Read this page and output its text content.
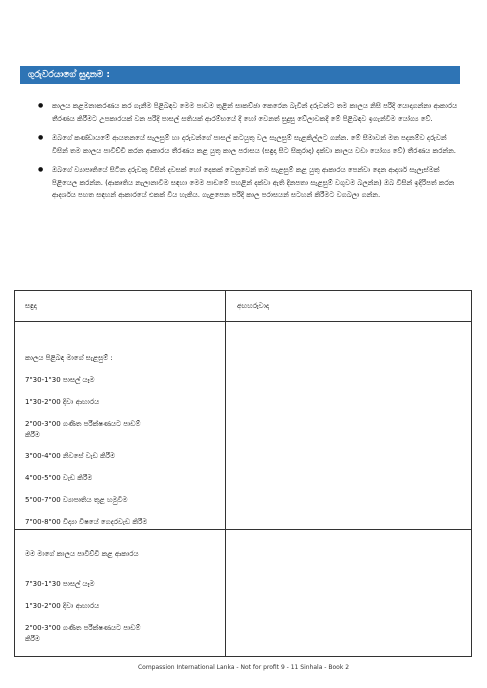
ගුරුවරයාගේ සුදානම :
● කාලය කළමනාකරණය කර ගැනීම පිළිබඳව මෙම පාඩම තුළින් සාකච්ඡා කෙරෙන බැවින් දරුවන්ට තම කාලය නිසි පරිදි යොදාගන්නා ආකාරය තීරණය කිරීමට උපකාරයක් වන පරිදි පාසල් සතියක් ආරම්භයේ දී හෝ වෙනත් සුදුසු වේලාවකදී මේ පිළිබඳව ඉගැන්වීම යෝග්‍ය වේ.
● ඔබගේ කණ්ඩායමේ ආයතනයේ සැලසුම් හා දරුවන්ගේ පාසල් කටයුතු වල සැලසුම් සැළකිල්ලට ගන්න. මේ සීමාවන් මත පදනම්ව දරුවන් විසින් තම කාලය පාවිච්චි කරන ආකාරය තීරණය කළ යුතු කාල පරාසය (සඳුදා සිට සිකුරාදා) දක්වා කාලය වඩා යෝග්‍ය වේ) තීරණය කරන්න.
● ඔබගේ ව්‍යාපෘතියේ සිටින දරුවකු විසින් දවසක් හෝ දෙකක් වෙනුවෙන් තම සැළසුම් කළ යුතු ආකාරය පෙන්වා දෙන ආදර්ශ සැලැස්මක් පිළියෙල කරන්න. (ආකෘතිය නැලානාවීම සඳහා මෙම පාඩමේ පහළින් දක්වා ඇති දිනපතා සැළසුම් වගුවම බලන්න) ඔබ විසින් ඉදිරිපත් කරන ආදර්ශය පහත සඳහන් ආකාරයේ එකක් විය හැකිය. ගැළපෙන පරිදි කාල පරාසයන් සටහන් කිරීමට වගබලා ගන්න.
සඳුදා	අඟහරුවාදා
කාලය පිළිබඳ මාගේ සැළසුම් :
7"30-1"30 පාසල් යෑම
1"30-2"00 දිවා ආහාරය
2"00-3"00 ගණිත පරීක්ෂණයට පාඩම් කිරීම
3"00-4"00 නිවසේ වැඩ කිරීම
4"00-5"00 වැඩ කිරීම
5"00-7"00 ව්‍යාපෘතිය තුළ හමුවීම
7"00-8"00 විද්‍යා විෂයේ ගෙදරවැඩ කිරීම
මම මාගේ කාලය පාවිච්චි කළ ආකාරය
7"30-1"30 පාසල් යෑම
1"30-2"00 දිවා ආහාරය
2"00-3"00 ගණිත පරීක්ෂණයට පාඩම් කිරීම
Compassion International Lanka - Not for profit 9 - 11 Sinhala - Book 2
